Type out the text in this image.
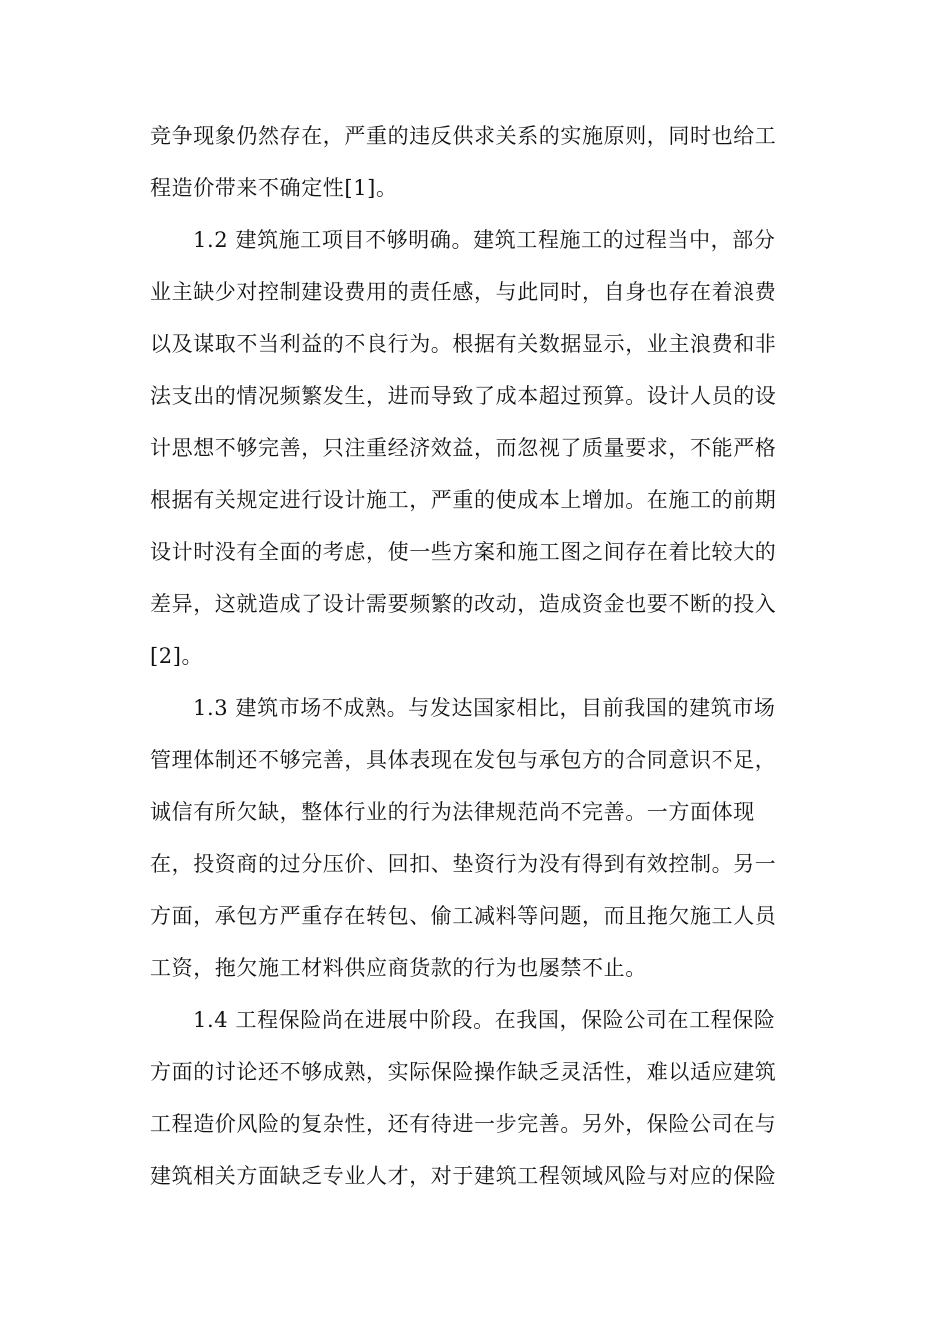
竞争现象仍然存在，严重的违反供求关系的实施原则，同时也给工
程造价带来不确定性[1]。
1.2 建筑施工项目不够明确。建筑工程施工的过程当中，部分
业主缺少对控制建设费用的责任感，与此同时，自身也存在着浪费
以及谋取不当利益的不良行为。根据有关数据显示，业主浪费和非
法支出的情况频繁发生，进而导致了成本超过预算。设计人员的设
计思想不够完善，只注重经济效益，而忽视了质量要求，不能严格
根据有关规定进行设计施工，严重的使成本上增加。在施工的前期
设计时没有全面的考虑，使一些方案和施工图之间存在着比较大的
差异，这就造成了设计需要频繁的改动，造成资金也要不断的投入
[2]。
1.3 建筑市场不成熟。与发达国家相比，目前我国的建筑市场
管理体制还不够完善，具体表现在发包与承包方的合同意识不足，
诚信有所欠缺，整体行业的行为法律规范尚不完善。一方面体现
在，投资商的过分压价、回扣、垫资行为没有得到有效控制。另一
方面，承包方严重存在转包、偷工减料等问题，而且拖欠施工人员
工资，拖欠施工材料供应商货款的行为也屡禁不止。
1.4 工程保险尚在进展中阶段。在我国，保险公司在工程保险
方面的讨论还不够成熟，实际保险操作缺乏灵活性，难以适应建筑
工程造价风险的复杂性，还有待进一步完善。另外，保险公司在与
建筑相关方面缺乏专业人才，对于建筑工程领域风险与对应的保险
